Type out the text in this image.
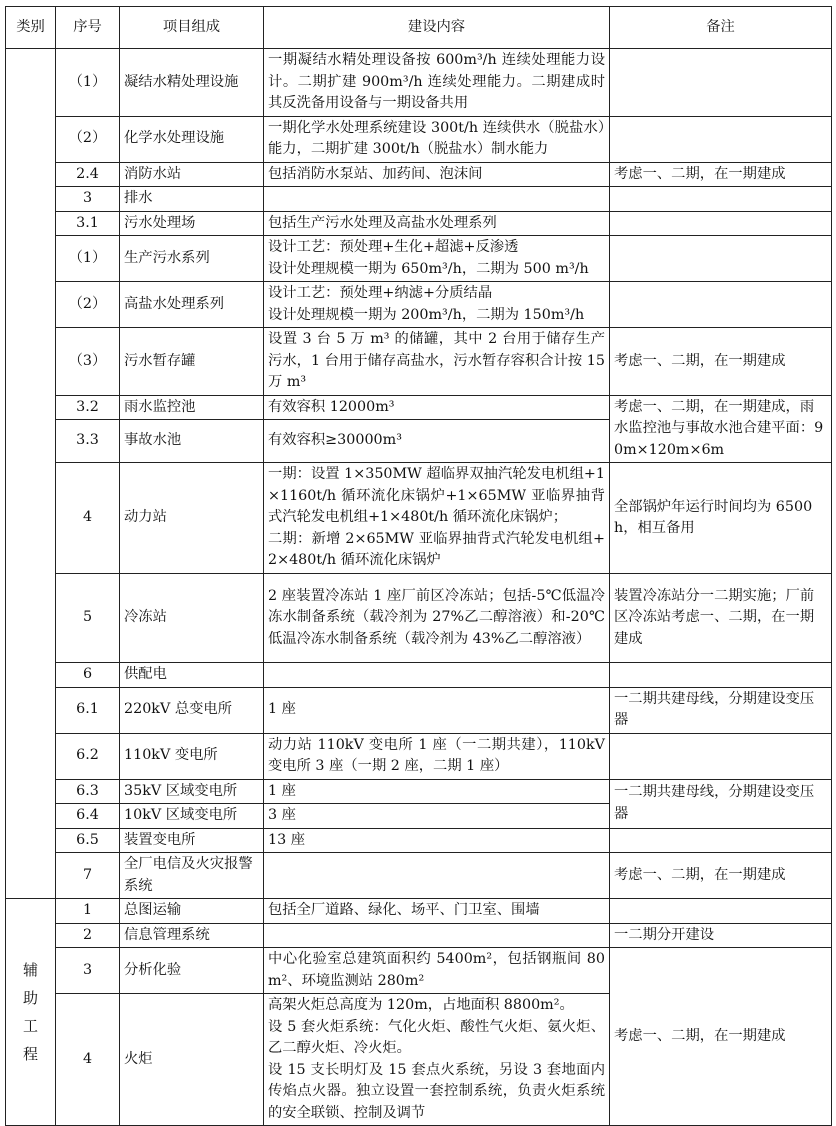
类别	序号	项目组成	建设内容	备注
	（1）	凝结水精处理设施	一期凝结水精处理设备按 600m³/h 连续处理能力设计。二期扩建 900m³/h 连续处理能力。二期建成时其反洗备用设备与一期设备共用	

	（2）	化学水处理设施	一期化学水处理系统建设 300t/h 连续供水（脱盐水）能力，二期扩建 300t/h（脱盐水）制水能力	

	2.4	消防水站	包括消防水泵站、加药间、泡沫间	考虑一、二期，在一期建成
	3	排水	

	3.1	污水处理场	包括生产污水处理及高盐水处理系列	

	（1）	生产污水系列	设计工艺：预处理+生化+超滤+反渗透
设计处理规模一期为 650m³/h，二期为 500 m³/h	

	（2）	高盐水处理系列	设计工艺：预处理+纳滤+分质结晶
设计处理规模一期为 200m³/h，二期为 150m³/h	

	（3）	污水暂存罐	设置 3 台 5 万 m³ 的储罐，其中 2 台用于储存生产污水，1 台用于储存高盐水，污水暂存容积合计按 15 万 m³	考虑一、二期，在一期建成
	3.2	雨水监控池	有效容积 12000m³	考虑一、二期，在一期建成，雨水监控池与事故水池合建平面：90m×120m×6m
	3.3	事故水池	有效容积≥30000m³	

	4	动力站	一期：设置 1×350MW 超临界双抽汽轮发电机组+1×1160t/h 循环流化床锅炉+1×65MW 亚临界抽背式汽轮发电机组+1×480t/h 循环流化床锅炉；
二期：新增 2×65MW 亚临界抽背式汽轮发电机组+2×480t/h 循环流化床锅炉	全部锅炉年运行时间均为 6500h，相互备用
	5	冷冻站	2 座装置冷冻站 1 座厂前区冷冻站；包括-5℃低温冷冻水制备系统（载冷剂为 27%乙二醇溶液）和-20℃低温冷冻水制备系统（载冷剂为 43%乙二醇溶液）	装置冷冻站分一二期实施；厂前区冷冻站考虑一、二期，在一期建成
	6	供配电	

	6.1	220kV 总变电所	1 座	一二期共建母线，分期建设变压器
	6.2	110kV 变电所	动力站 110kV 变电所 1 座（一二期共建），110kV 变电所 3 座（一期 2 座，二期 1 座）	

	6.3	35kV 区域变电所	1 座	一二期共建母线，分期建设变压器
	6.4	10kV 区域变电所	3 座	

	6.5	装置变电所	13 座	

	7	全厂电信及火灾报警系统		考虑一、二期，在一期建成

辅
助
工
程	1	总图运输	包括全厂道路、绿化、场平、门卫室、围墙	

	2	信息管理系统		一二期分开建设
	3	分析化验	中心化验室总建筑面积约 5400m²，包括钢瓶间 80m²、环境监测站 280m²	考虑一、二期，在一期建成
	4	火炬	高架火炬总高度为 120m，占地面积 8800m²。
设 5 套火炬系统：气化火炬、酸性气火炬、氨火炬、乙二醇火炬、冷火炬。
设 15 支长明灯及 15 套点火系统，另设 3 套地面内传焰点火器。独立设置一套控制系统，负责火炬系统的安全联锁、控制及调节	
